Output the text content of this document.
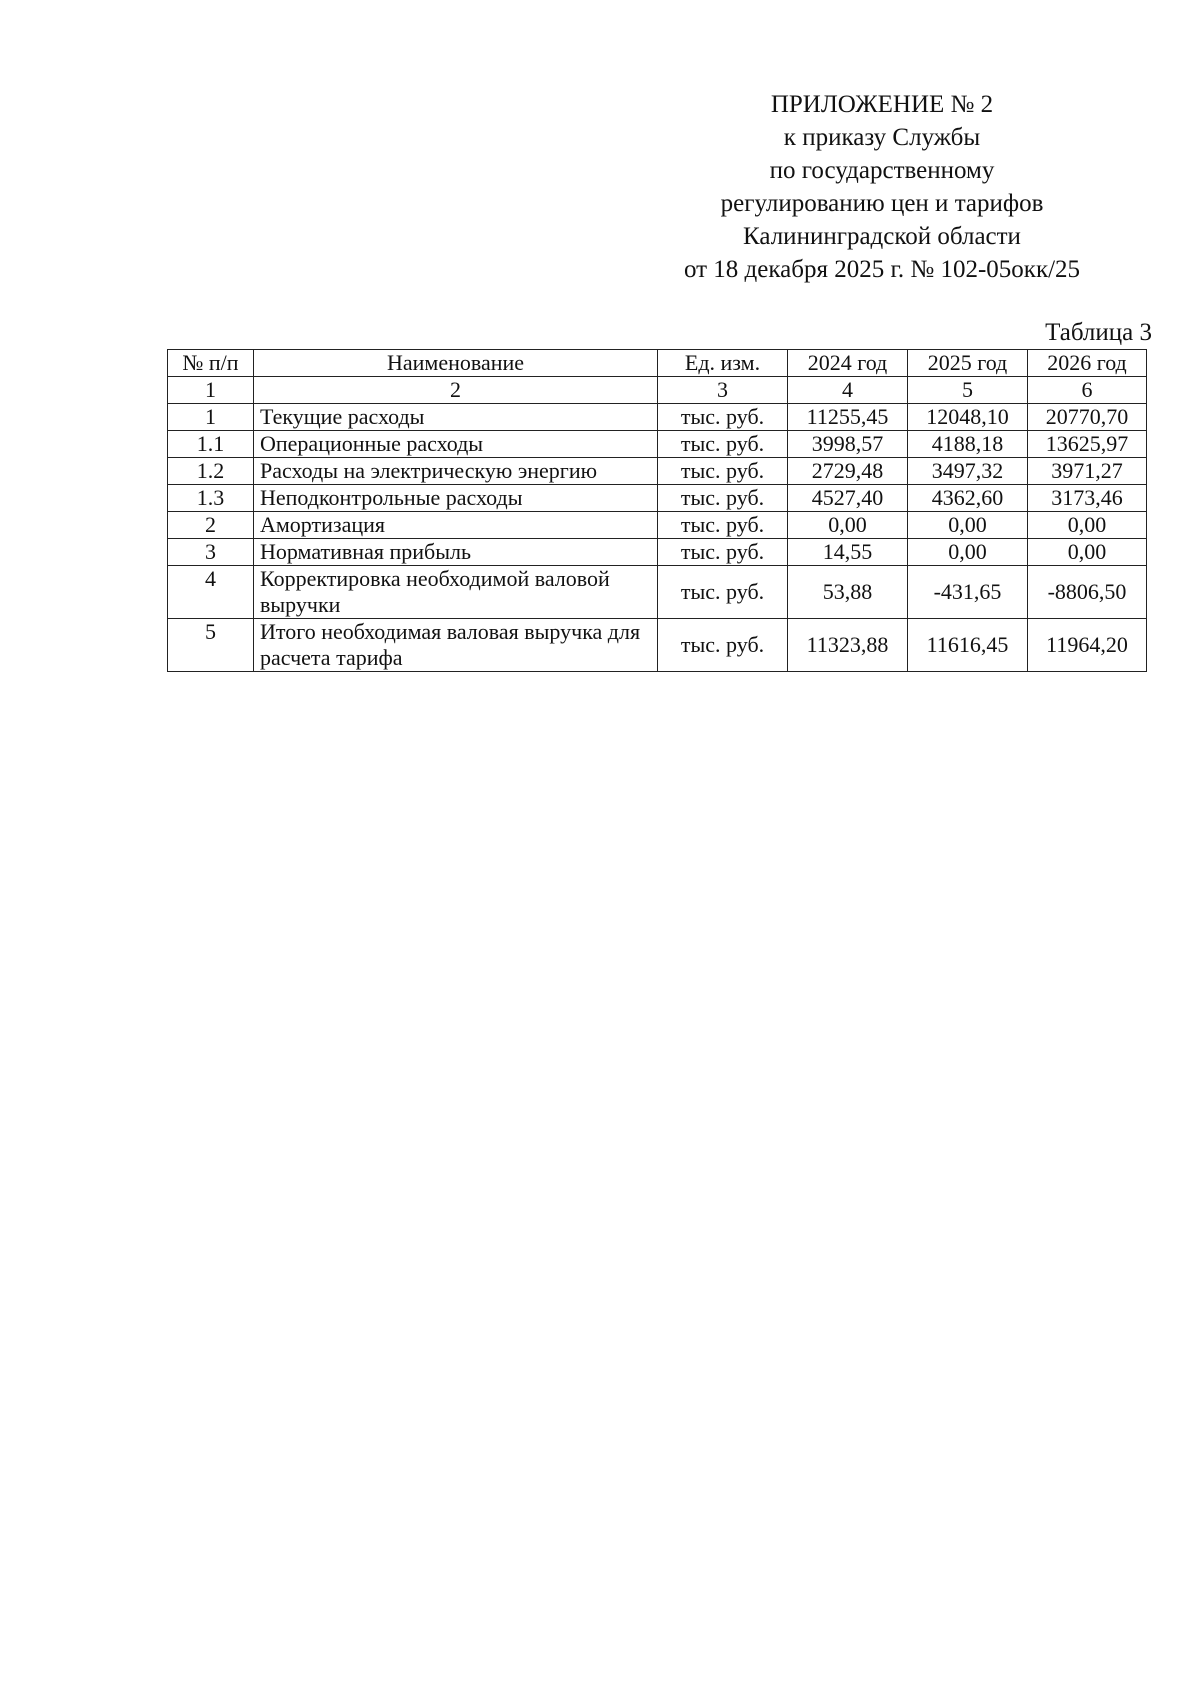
ПРИЛОЖЕНИЕ № 2
к приказу Службы
по государственному
регулированию цен и тарифов
Калининградской области
от 18 декабря 2025 г. № 102-05окк/25
Таблица 3
№ п/п	Наименование	Ед. изм.	2024 год	2025 год	2026 год
1	2	3	4	5	6
1	Текущие расходы	тыс. руб.	11255,45	12048,10	20770,70
1.1	Операционные расходы	тыс. руб.	3998,57	4188,18	13625,97
1.2	Расходы на электрическую энергию	тыс. руб.	2729,48	3497,32	3971,27
1.3	Неподконтрольные расходы	тыс. руб.	4527,40	4362,60	3173,46
2	Амортизация	тыс. руб.	0,00	0,00	0,00
3	Нормативная прибыль	тыс. руб.	14,55	0,00	0,00
4	Корректировка необходимой валовой выручки	тыс. руб.	53,88	-431,65	-8806,50
5	Итого необходимая валовая выручка для расчета тарифа	тыс. руб.	11323,88	11616,45	11964,20
